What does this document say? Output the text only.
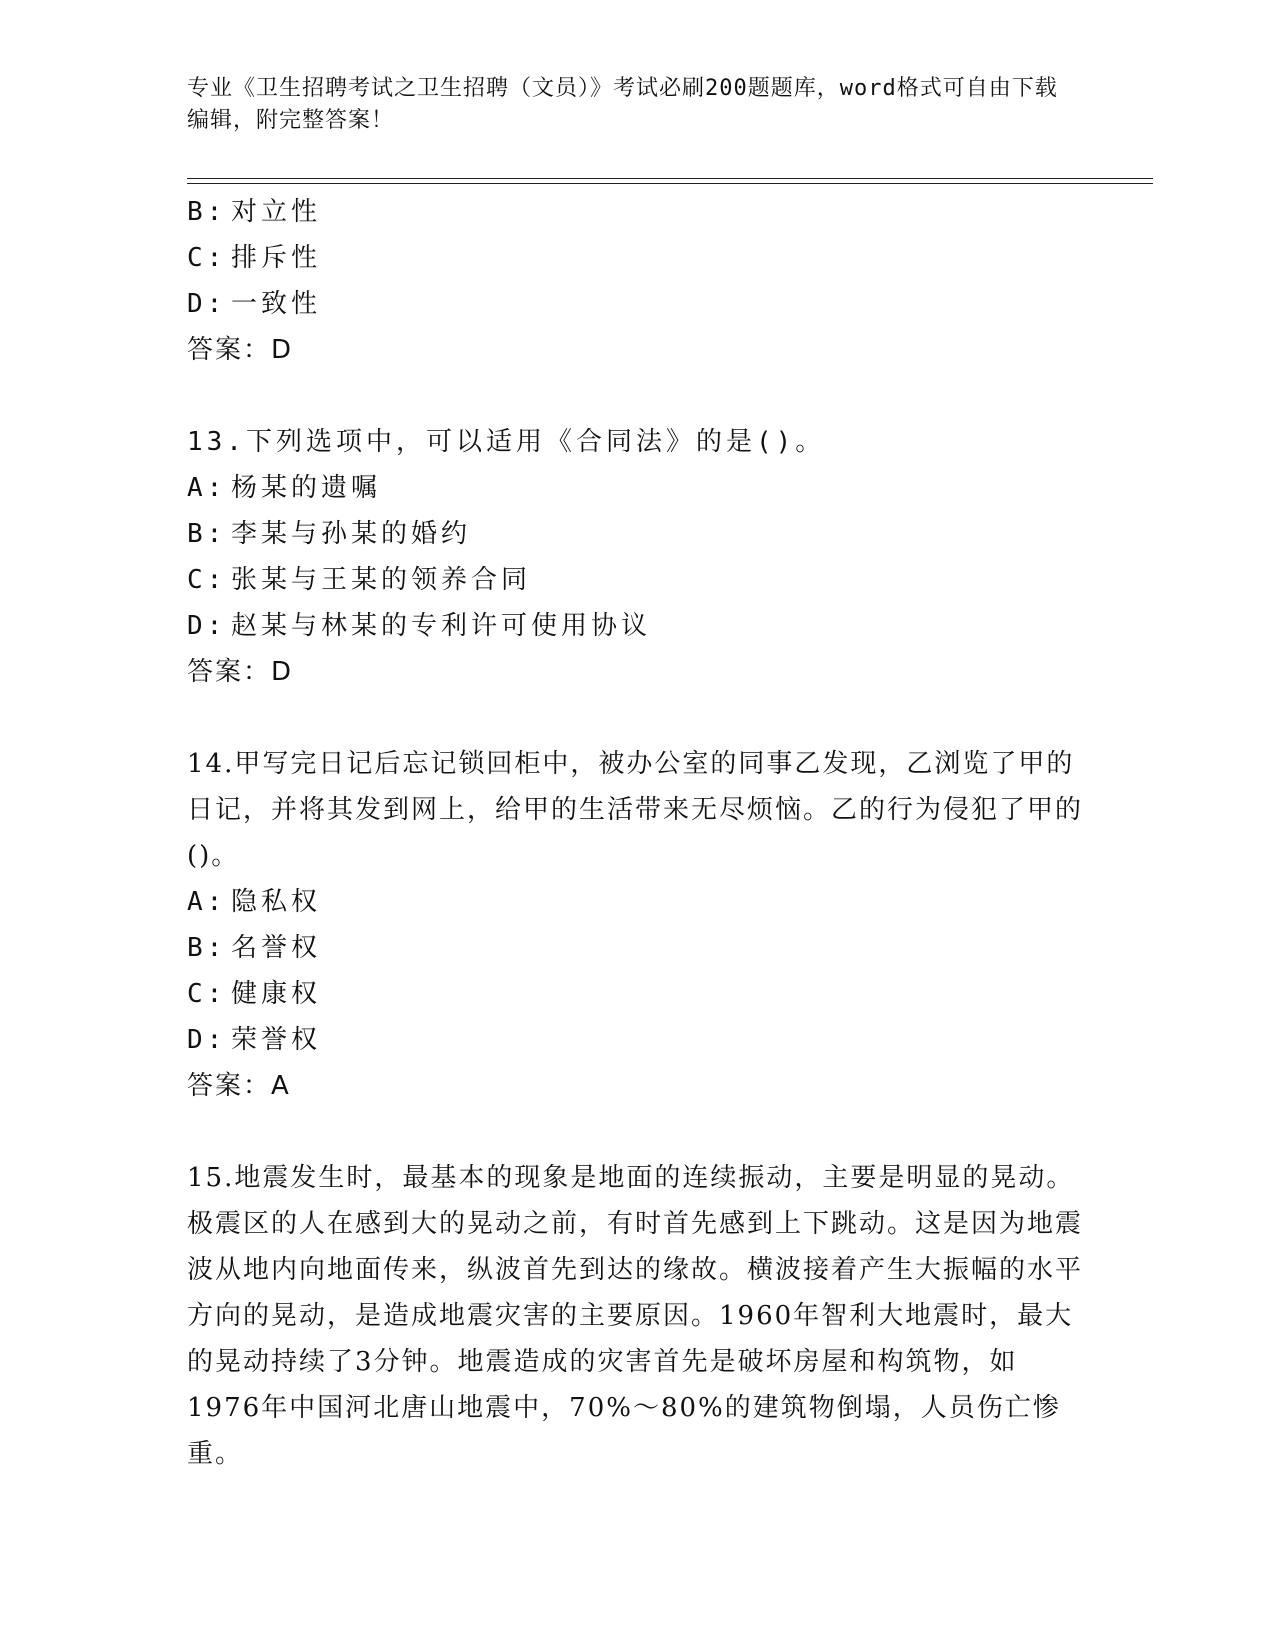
专业《卫生招聘考试之卫生招聘（文员）》考试必刷200题题库，word格式可自由下载编辑，附完整答案！
B: 对立性
C: 排斥性
D: 一致性
答案：D
13.下列选项中，可以适用《合同法》的是()。
A: 杨某的遗嘱
B: 李某与孙某的婚约
C: 张某与王某的领养合同
D: 赵某与林某的专利许可使用协议
答案：D
14.甲写完日记后忘记锁回柜中，被办公室的同事乙发现，乙浏览了甲的日记，并将其发到网上，给甲的生活带来无尽烦恼。乙的行为侵犯了甲的()。
A: 隐私权
B: 名誉权
C: 健康权
D: 荣誉权
答案：A
15.地震发生时，最基本的现象是地面的连续振动，主要是明显的晃动。极震区的人在感到大的晃动之前，有时首先感到上下跳动。这是因为地震波从地内向地面传来，纵波首先到达的缘故。横波接着产生大振幅的水平方向的晃动，是造成地震灾害的主要原因。1960年智利大地震时，最大的晃动持续了3分钟。地震造成的灾害首先是破坏房屋和构筑物，如1976年中国河北唐山地震中，70%～80%的建筑物倒塌，人员伤亡惨重。
